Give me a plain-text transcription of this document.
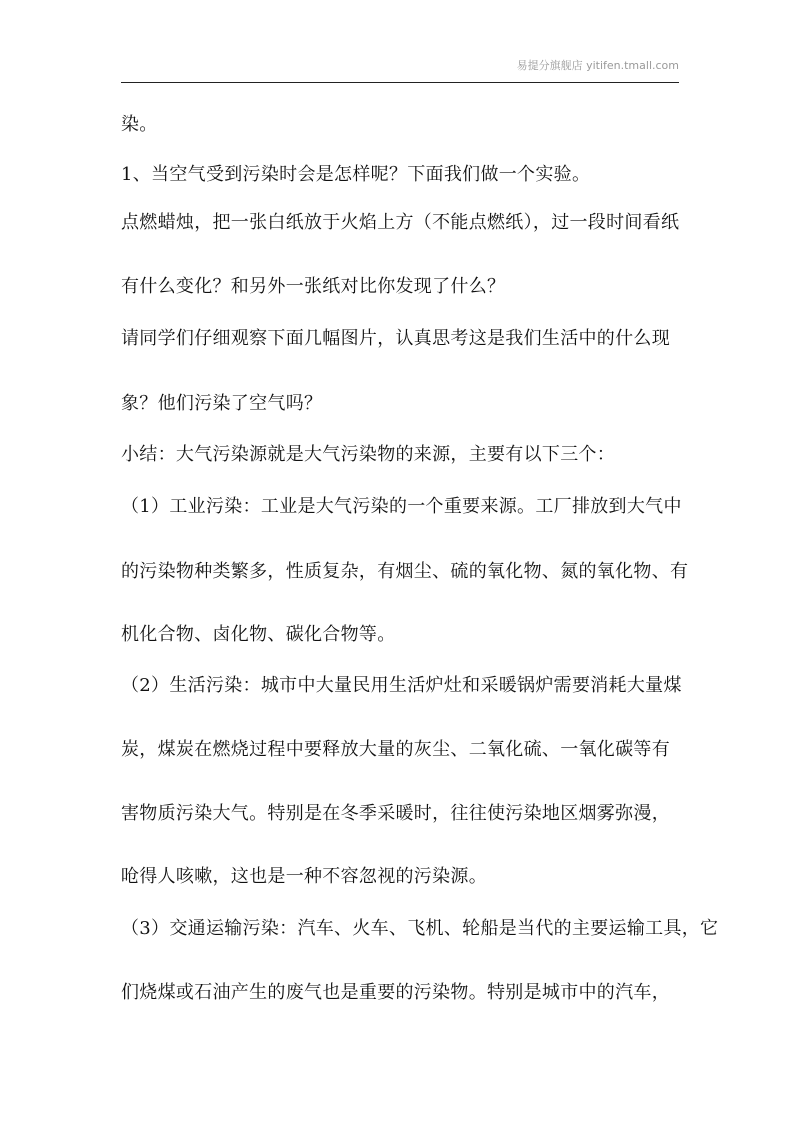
易提分旗舰店 yitifen.tmall.com
染。
1、当空气受到污染时会是怎样呢？下面我们做一个实验。
点燃蜡烛，把一张白纸放于火焰上方（不能点燃纸），过一段时间看纸
有什么变化？和另外一张纸对比你发现了什么？
请同学们仔细观察下面几幅图片，认真思考这是我们生活中的什么现
象？他们污染了空气吗？
小结：大气污染源就是大气污染物的来源，主要有以下三个：
（1）工业污染：工业是大气污染的一个重要来源。工厂排放到大气中
的污染物种类繁多，性质复杂，有烟尘、硫的氧化物、氮的氧化物、有
机化合物、卤化物、碳化合物等。
（2）生活污染：城市中大量民用生活炉灶和采暖锅炉需要消耗大量煤
炭，煤炭在燃烧过程中要释放大量的灰尘、二氧化硫、一氧化碳等有
害物质污染大气。特别是在冬季采暖时，往往使污染地区烟雾弥漫，
呛得人咳嗽，这也是一种不容忽视的污染源。
（3）交通运输污染：汽车、火车、飞机、轮船是当代的主要运输工具，它
们烧煤或石油产生的废气也是重要的污染物。特别是城市中的汽车，
